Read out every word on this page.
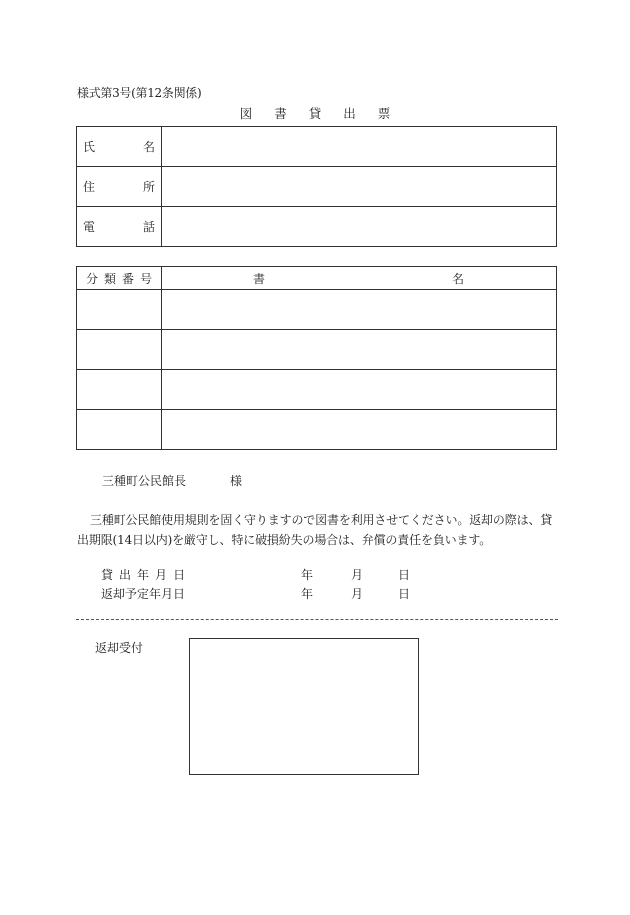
様式第3号(第12条関係)
図 書 貸 出 票
氏 名	

住 所	

電 話	

分 類 番 号	書 名

三種町公民館長	様
三種町公民館使用規則を固く守りますので図書を利用させてください。返却の際は、貸出期限(14日以内)を厳守し、特に破損紛失の場合は、弁償の責任を負います。
貸 出 年 月 日	年	月	日
返却予定年月日	年	月	日
返却受付
